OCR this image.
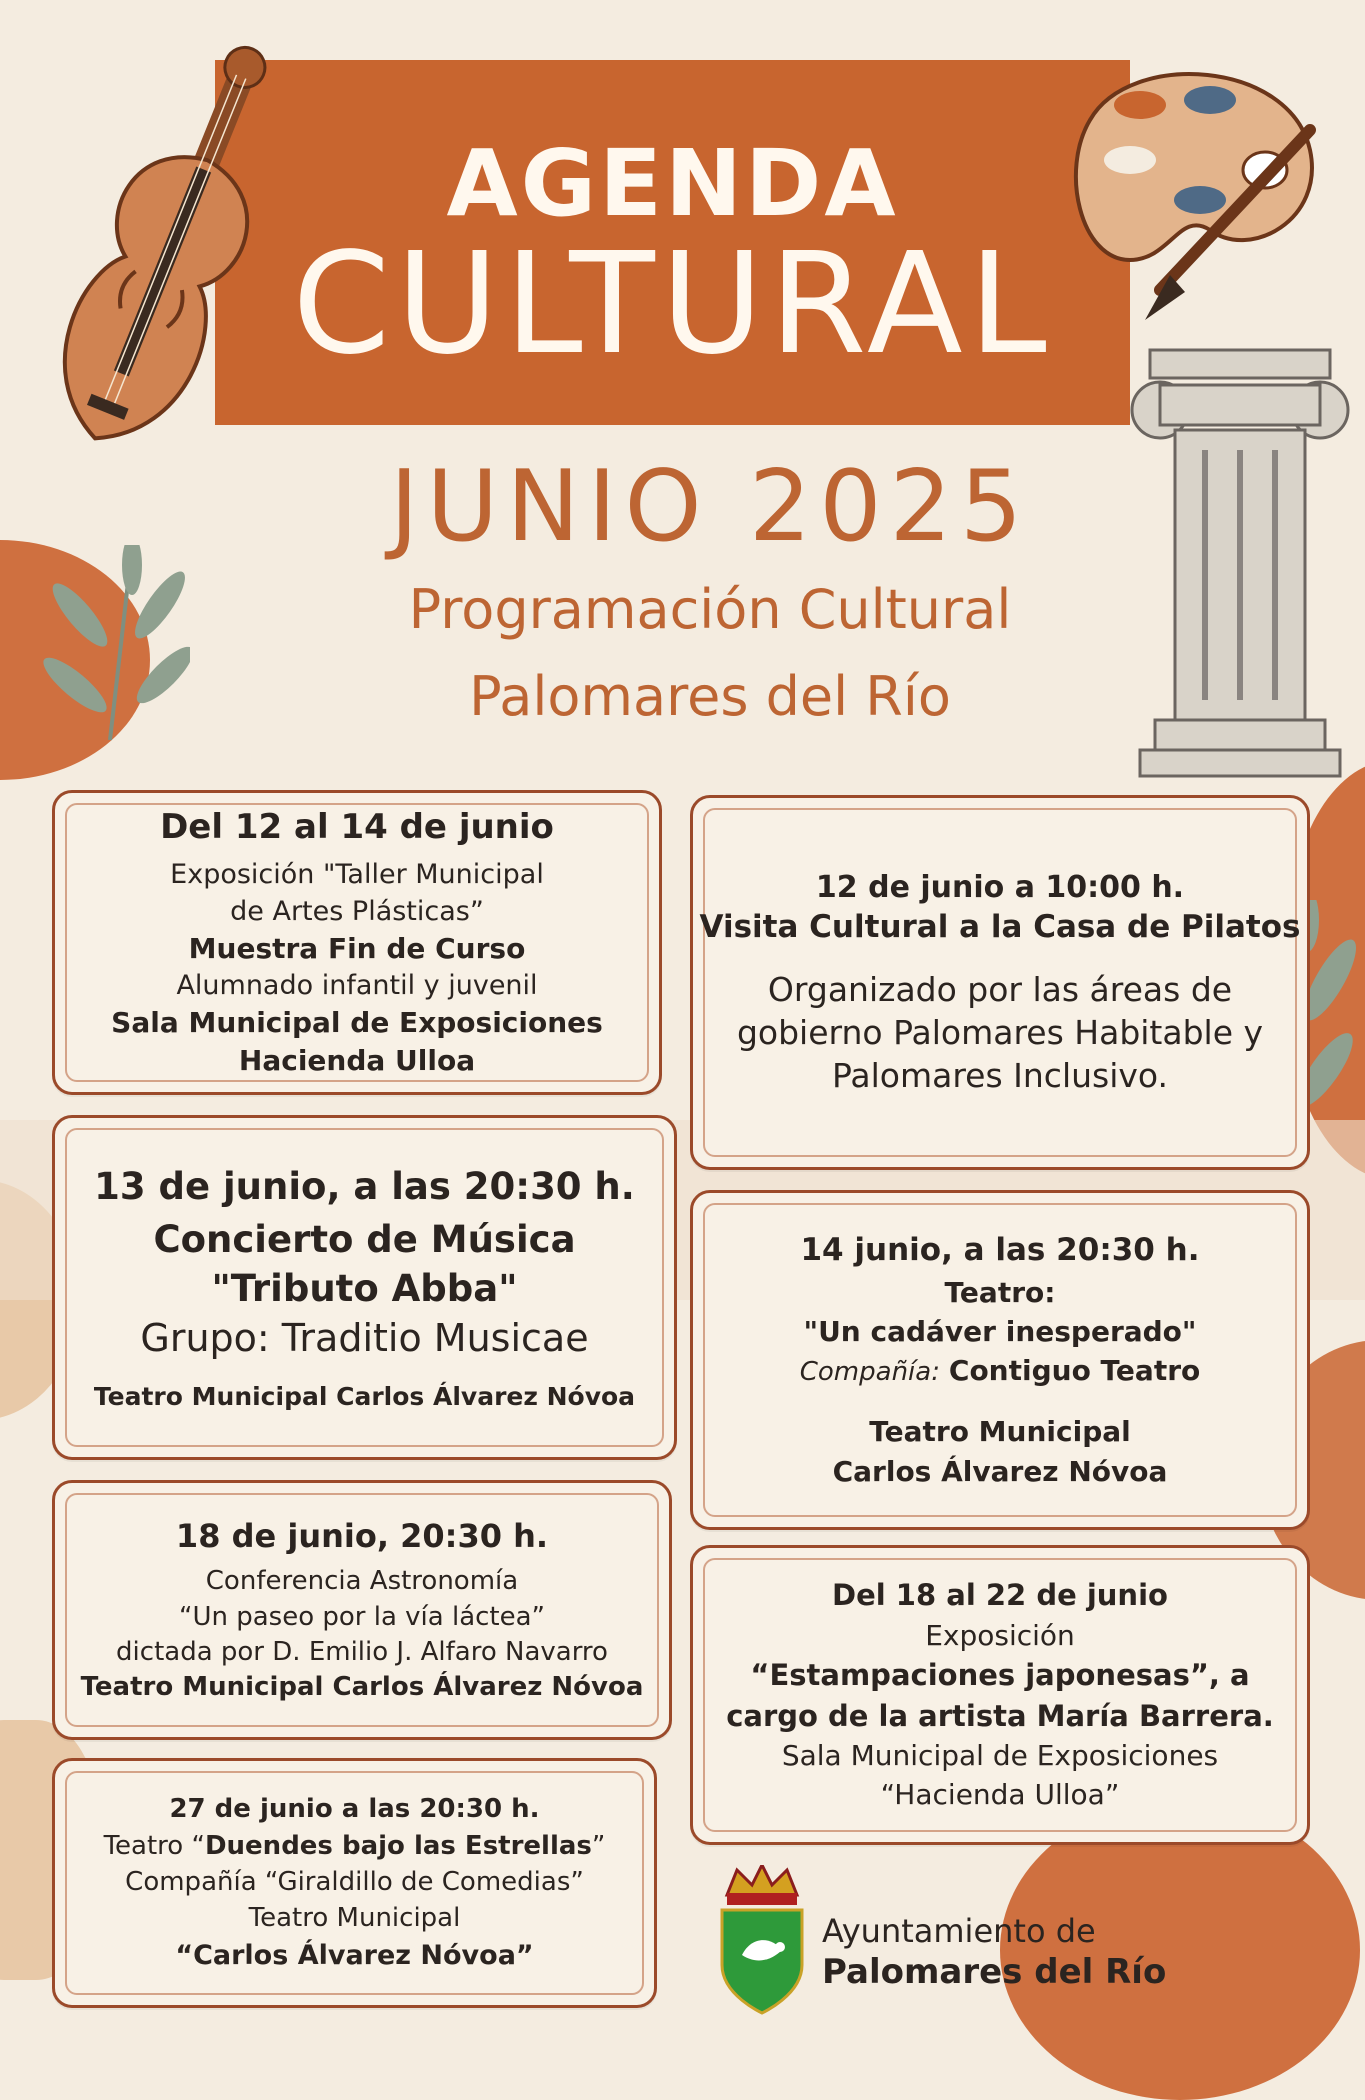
AGENDA
CULTURAL
JUNIO 2025
Programación Cultural
Palomares del Río
Del 12 al 14 de junio
Exposición "Taller Municipal
de Artes Plásticas”
Muestra Fin de Curso
Alumnado infantil y juvenil
Sala Municipal de Exposiciones
Hacienda Ulloa
12 de junio a 10:00 h.
Visita Cultural a la Casa de Pilatos
Organizado por las áreas de
gobierno Palomares Habitable y
Palomares Inclusivo.
13 de junio, a las 20:30 h.
Concierto de Música
"Tributo Abba"
Grupo: Traditio Musicae
Teatro Municipal Carlos Álvarez Nóvoa
14 junio, a las 20:30 h.
Teatro:
"Un cadáver inesperado"
Compañía: Contiguo Teatro
Teatro Municipal
Carlos Álvarez Nóvoa
18 de junio, 20:30 h.
Conferencia Astronomía
“Un paseo por la vía láctea”
dictada por D. Emilio J. Alfaro Navarro
Teatro Municipal Carlos Álvarez Nóvoa
Del 18 al 22 de junio
Exposición
“Estampaciones japonesas”, a
cargo de la artista María Barrera.
Sala Municipal de Exposiciones
“Hacienda Ulloa”
27 de junio a las 20:30 h.
Teatro “Duendes bajo las Estrellas”
Compañía “Giraldillo de Comedias”
Teatro Municipal
“Carlos Álvarez Nóvoa”
Ayuntamiento de
Palomares del Río
